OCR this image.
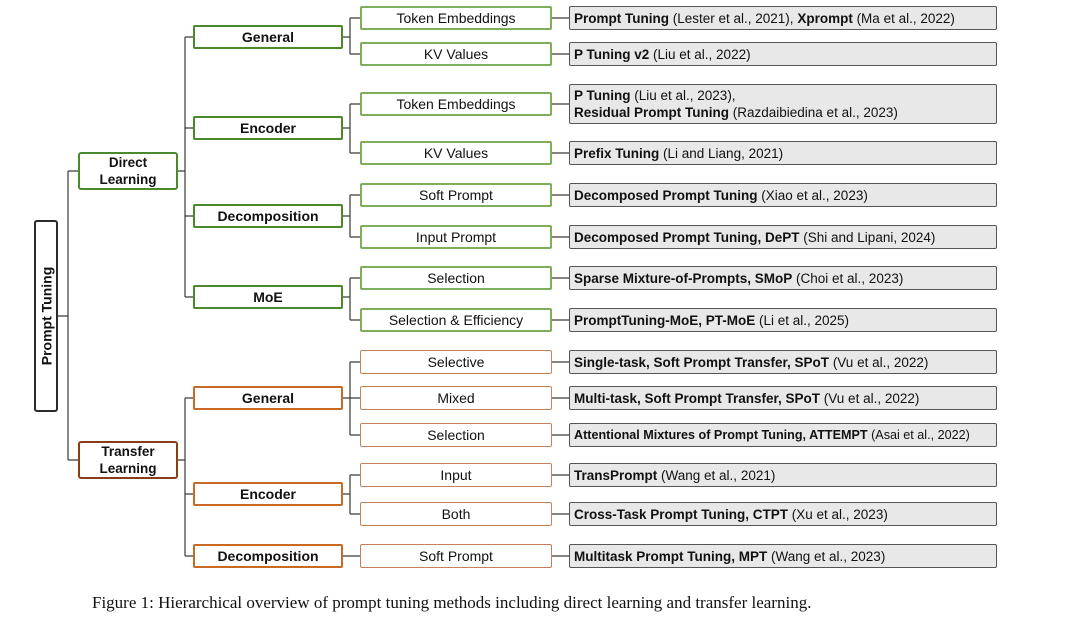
Prompt Tuning
Direct
Learning
Transfer
Learning
General
Encoder
Decomposition
MoE
General
Encoder
Decomposition
Token Embeddings
KV Values
Token Embeddings
KV Values
Soft Prompt
Input Prompt
Selection
Selection & Efficiency
Selective
Mixed
Selection
Input
Both
Soft Prompt
Prompt Tuning (Lester et al., 2021), Xprompt (Ma et al., 2022)
P Tuning v2 (Liu et al., 2022)
P Tuning (Liu et al., 2023),
Residual Prompt Tuning (Razdaibiedina et al., 2023)
Prefix Tuning (Li and Liang, 2021)
Decomposed Prompt Tuning (Xiao et al., 2023)
Decomposed Prompt Tuning, DePT (Shi and Lipani, 2024)
Sparse Mixture-of-Prompts, SMoP (Choi et al., 2023)
PromptTuning-MoE, PT-MoE (Li et al., 2025)
Single-task, Soft Prompt Transfer, SPoT (Vu et al., 2022)
Multi-task, Soft Prompt Transfer, SPoT (Vu et al., 2022)
Attentional Mixtures of Prompt Tuning, ATTEMPT (Asai et al., 2022)
TransPrompt (Wang et al., 2021)
Cross-Task Prompt Tuning, CTPT (Xu et al., 2023)
Multitask Prompt Tuning, MPT (Wang et al., 2023)
Figure 1: Hierarchical overview of prompt tuning methods including direct learning and transfer learning.
